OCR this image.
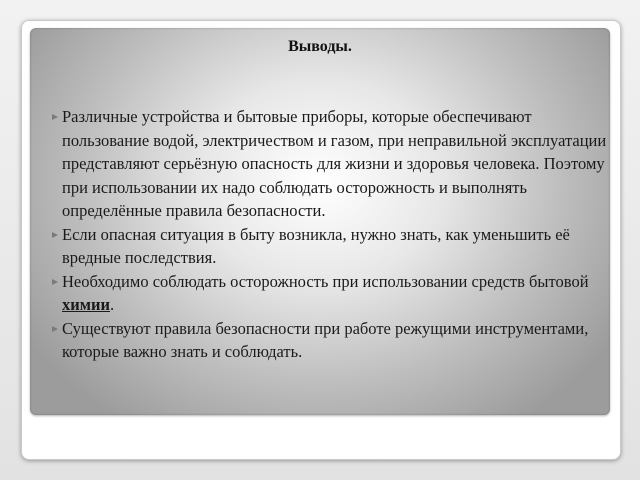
Выводы.
Различные устройства и бытовые приборы, которые обеспечивают пользование водой, электричеством и газом, при неправильной эксплуатации представляют серьёзную опасность для жизни и здоровья человека. Поэтому при использовании их надо соблюдать осторожность и выполнять определённые правила безопасности.
Если опасная ситуация в быту возникла, нужно знать, как уменьшить её вредные последствия.
Необходимо соблюдать осторожность при использовании средств бытовой химии.
Существуют правила безопасности при работе режущими инструментами, которые важно знать и соблюдать.
